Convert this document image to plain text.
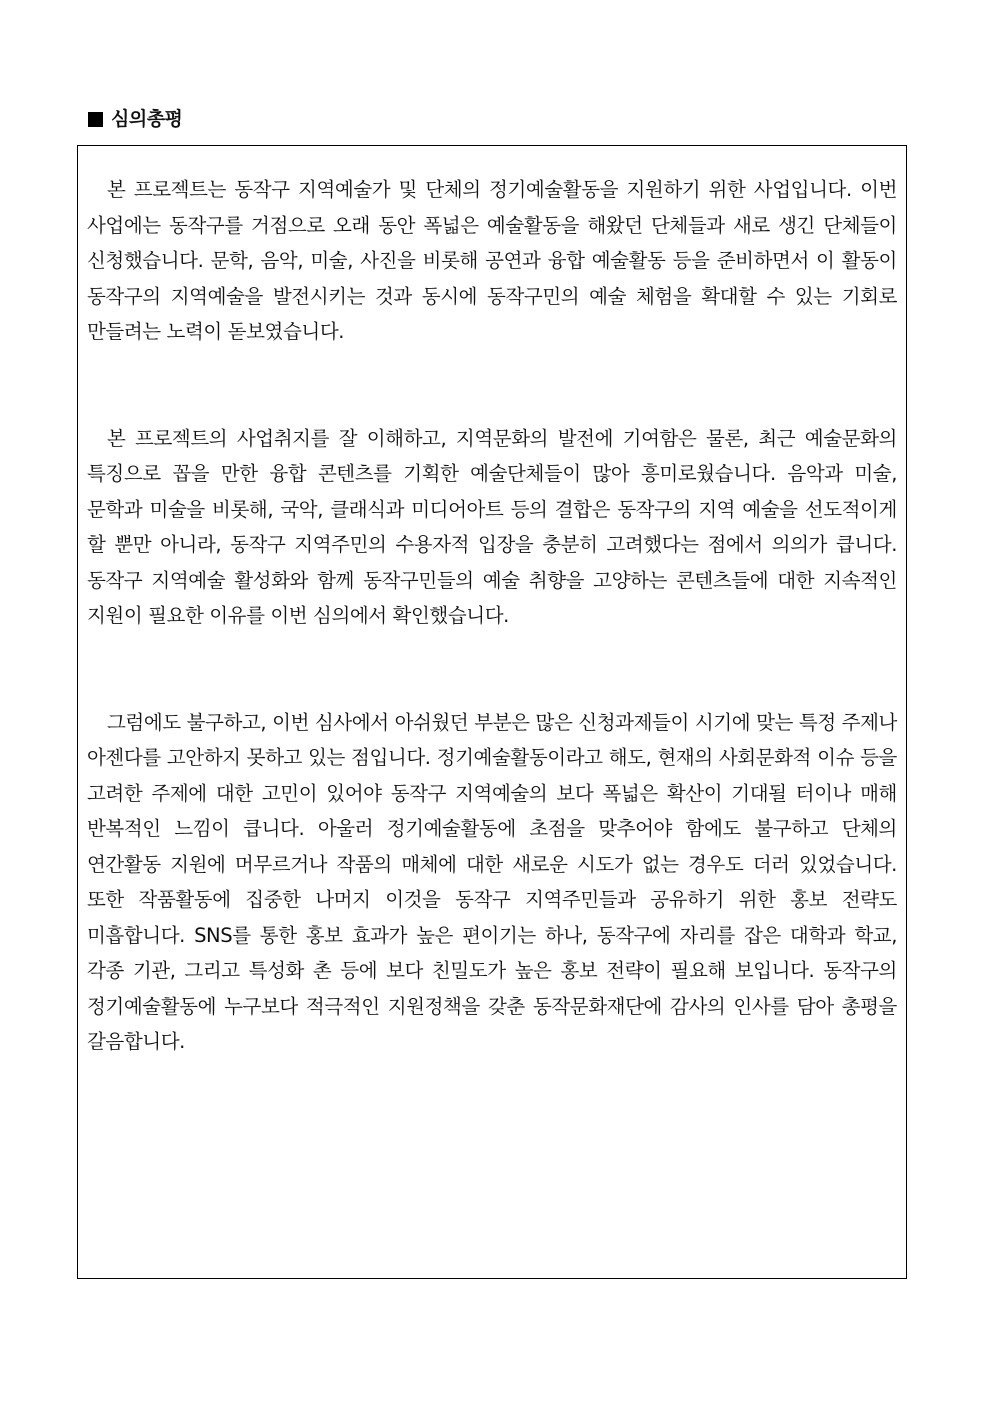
심의총평

본 프로젝트는 동작구 지역예술가 및 단체의 정기예술활동을 지원하기 위한 사업입니다. 이번 사업에는 동작구를 거점으로 오래 동안 폭넓은 예술활동을 해왔던 단체들과 새로 생긴 단체들이 신청했습니다. 문학, 음악, 미술, 사진을 비롯해 공연과 융합 예술활동 등을 준비하면서 이 활동이 동작구의 지역예술을 발전시키는 것과 동시에 동작구민의 예술 체험을 확대할 수 있는 기회로 만들려는 노력이 돋보였습니다.

본 프로젝트의 사업취지를 잘 이해하고, 지역문화의 발전에 기여함은 물론, 최근 예술문화의 특징으로 꼽을 만한 융합 콘텐츠를 기획한 예술단체들이 많아 흥미로웠습니다. 음악과 미술, 문학과 미술을 비롯해, 국악, 클래식과 미디어아트 등의 결합은 동작구의 지역 예술을 선도적이게 할 뿐만 아니라, 동작구 지역주민의 수용자적 입장을 충분히 고려했다는 점에서 의의가 큽니다. 동작구 지역예술 활성화와 함께 동작구민들의 예술 취향을 고양하는 콘텐츠들에 대한 지속적인 지원이 필요한 이유를 이번 심의에서 확인했습니다.

그럼에도 불구하고, 이번 심사에서 아쉬웠던 부분은 많은 신청과제들이 시기에 맞는 특정 주제나 아젠다를 고안하지 못하고 있는 점입니다. 정기예술활동이라고 해도, 현재의 사회문화적 이슈 등을 고려한 주제에 대한 고민이 있어야 동작구 지역예술의 보다 폭넓은 확산이 기대될 터이나 매해 반복적인 느낌이 큽니다. 아울러 정기예술활동에 초점을 맞추어야 함에도 불구하고 단체의 연간활동 지원에 머무르거나 작품의 매체에 대한 새로운 시도가 없는 경우도 더러 있었습니다. 또한 작품활동에 집중한 나머지 이것을 동작구 지역주민들과 공유하기 위한 홍보 전략도 미흡합니다. SNS를 통한 홍보 효과가 높은 편이기는 하나, 동작구에 자리를 잡은 대학과 학교, 각종 기관, 그리고 특성화 촌 등에 보다 친밀도가 높은 홍보 전략이 필요해 보입니다. 동작구의 정기예술활동에 누구보다 적극적인 지원정책을 갖춘 동작문화재단에 감사의 인사를 담아 총평을 갈음합니다.
